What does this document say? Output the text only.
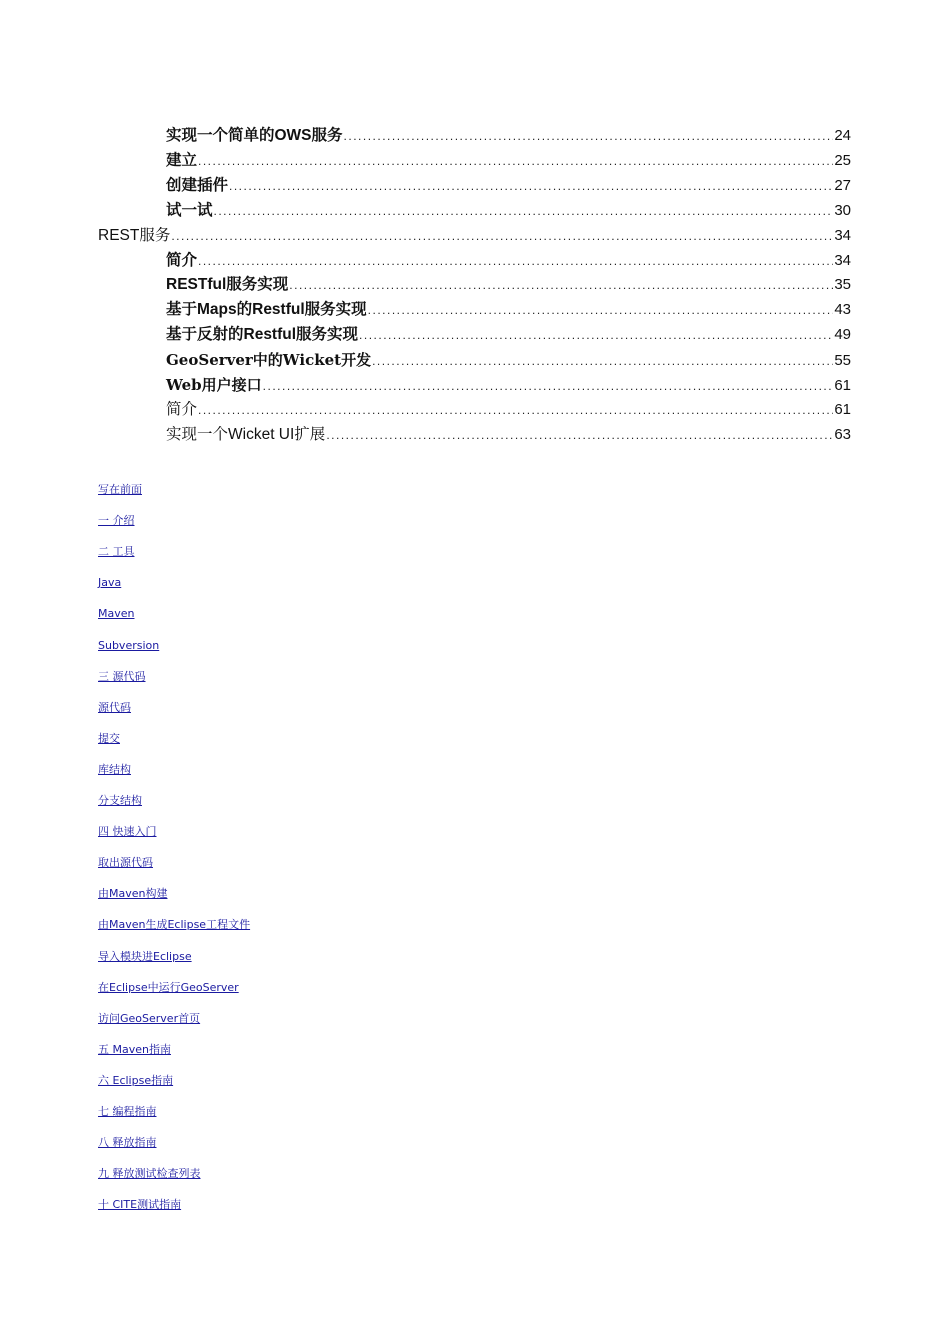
实现一个简单的OWS服务 .....	24
建立 .....	25
创建插件 .....	27
试一试 .....	30
REST服务 .....	34
简介 .....	34
RESTful服务实现 .....	35
基于Maps的Restful服务实现 .....	43
基于反射的Restful服务实现 .....	49
GeoServer中的Wicket开发 .....	55
Web用户接口 .....	61
简介 .....	61
实现一个Wicket UI扩展 .....	63
写在前面
一 介绍
二 工具
Java
Maven
Subversion
三 源代码
源代码
提交
库结构
分支结构
四 快速入门
取出源代码
由Maven构建
由Maven生成Eclipse工程文件
导入模块进Eclipse
在Eclipse中运行GeoServer
访问GeoServer首页
五 Maven指南
六 Eclipse指南
七 编程指南
八 释放指南
九 释放测试检查列表
十 CITE测试指南
